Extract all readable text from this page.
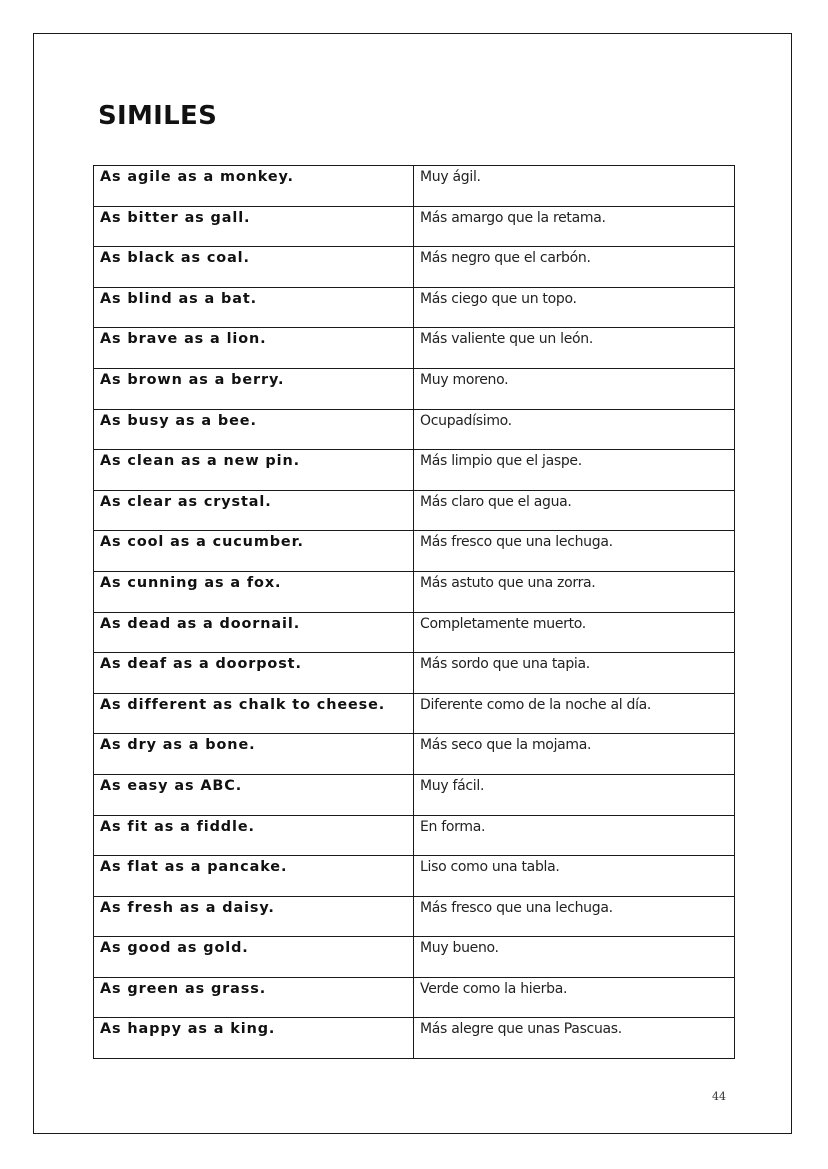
SIMILES
As agile as a monkey.	Muy ágil.
As bitter as gall.	Más amargo que la retama.
As black as coal.	Más negro que el carbón.
As blind as a bat.	Más ciego que un topo.
As brave as a lion.	Más valiente que un león.
As brown as a berry.	Muy moreno.
As busy as a bee.	Ocupadísimo.
As clean as a new pin.	Más limpio que el jaspe.
As clear as crystal.	Más claro que el agua.
As cool as a cucumber.	Más fresco que una lechuga.
As cunning as a fox.	Más astuto que una zorra.
As dead as a doornail.	Completamente muerto.
As deaf as a doorpost.	Más sordo que una tapia.
As different as chalk to cheese.	Diferente como de la noche al día.
As dry as a bone.	Más seco que la mojama.
As easy as ABC.	Muy fácil.
As fit as a fiddle.	En forma.
As flat as a pancake.	Liso como una tabla.
As fresh as a daisy.	Más fresco que una lechuga.
As good as gold.	Muy bueno.
As green as grass.	Verde como la hierba.
As happy as a king.	Más alegre que unas Pascuas.
44
